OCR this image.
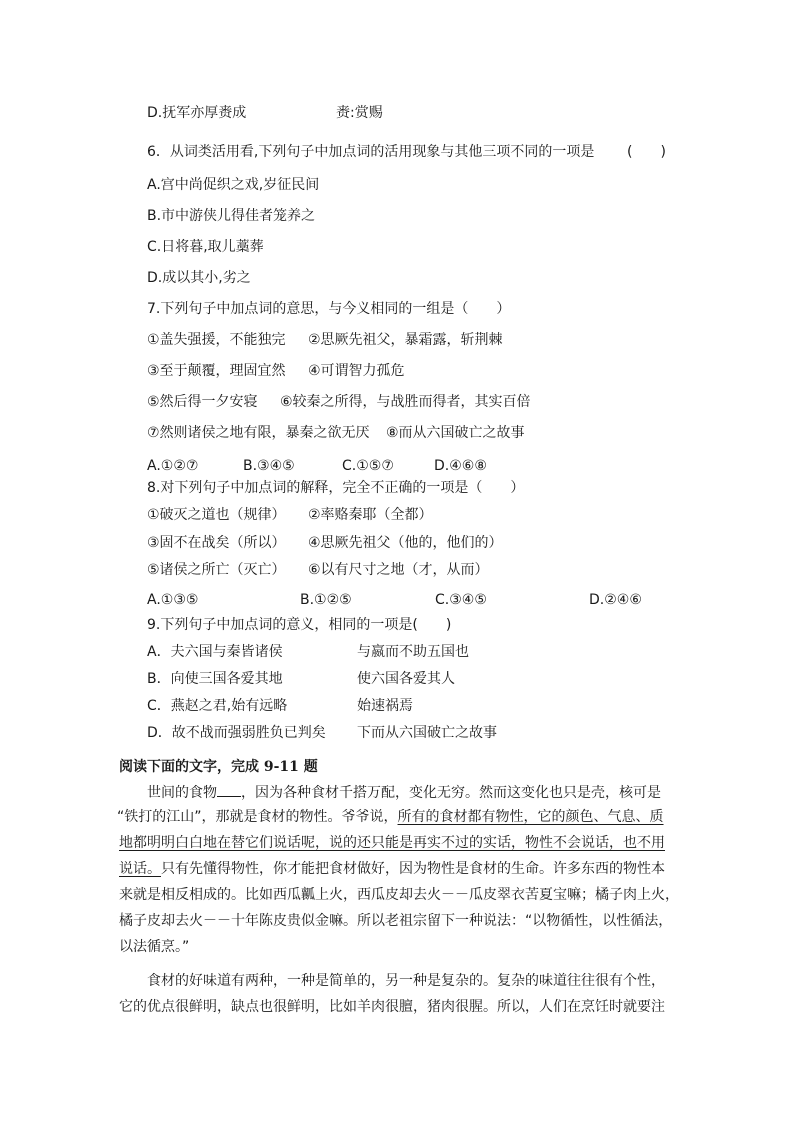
D.抚军亦厚赉成	赉:赏赐
6．从词类活用看,下列句子中加点词的活用现象与其他三项不同的一项是 (　　)
A.宫中尚促织之戏,岁征民间
B.市中游侠儿得佳者笼养之
C.日将暮,取儿藁葬
D.成以其小,劣之
7.下列句子中加点词的意思，与今义相同的一组是（　　）
①盖失强援，不能独完 ②思厥先祖父，暴霜露，斩荆棘
③至于颠覆，理固宜然 ④可谓智力孤危
⑤然后得一夕安寝 ⑥较秦之所得，与战胜而得者，其实百倍
⑦然则诸侯之地有限，暴秦之欲无厌 ⑧而从六国破亡之故事
A.①②⑦	B.③④⑤	C.①⑤⑦	D.④⑥⑧
8.对下列句子中加点词的解释，完全不正确的一项是（　　）
①破灭之道也（规律） ②率赂秦耶（全都）
③固不在战矣（所以） ④思厥先祖父（他的，他们的）
⑤诸侯之所亡（灭亡） ⑥以有尺寸之地（才，从而）
A.①③⑤	B.①②⑤	C.③④⑤	D.②④⑥
9.下列句子中加点词的意义，相同的一项是(　　)
A．夫六国与秦皆诸侯	与嬴而不助五国也
B．向使三国各爱其地	使六国各爱其人
C．燕赵之君,始有远略	始速祸焉
D．故不战而强弱胜负已判矣 下而从六国破亡之故事
阅读下面的文字，完成 9-11 题
世间的食物 ，因为各种食材千搭万配，变化无穷。然而这变化也只是壳，核可是
“铁打的江山”，那就是食材的物性。爷爷说，所有的食材都有物性，它的颜色、气息、质
地都明明白白地在替它们说话呢，说的还只能是再实不过的实话，物性不会说话，也不用
说话。只有先懂得物性，你才能把食材做好，因为物性是食材的生命。许多东西的物性本
来就是相反相成的。比如西瓜瓤上火，西瓜皮却去火－－瓜皮翠衣苦夏宝嘛；橘子肉上火，
橘子皮却去火－－十年陈皮贵似金嘛。所以老祖宗留下一种说法：“以物循性，以性循法，
以法循烹。”
食材的好味道有两种，一种是简单的，另一种是复杂的。复杂的味道往往很有个性，
它的优点很鲜明，缺点也很鲜明，比如羊肉很膻，猪肉很腥。所以，人们在烹饪时就要注
